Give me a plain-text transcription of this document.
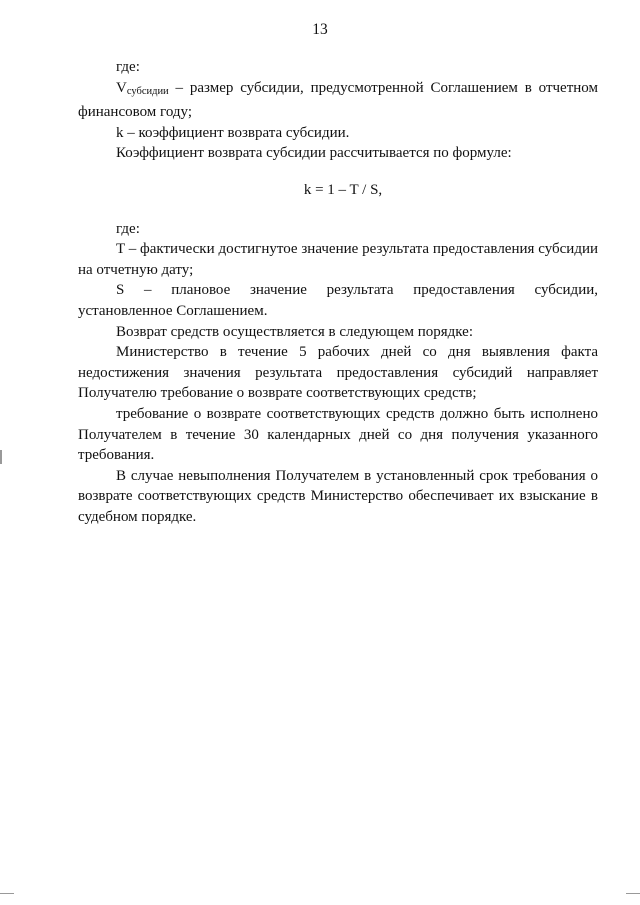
13

где:

Vсубсидии – размер субсидии, предусмотренной Соглашением в отчетном финансовом году;

k – коэффициент возврата субсидии.

Коэффициент возврата субсидии рассчитывается по формуле:

k = 1 – T / S,

где:

T – фактически достигнутое значение результата предоставления субсидии на отчетную дату;

S – плановое значение результата предоставления субсидии, установленное Соглашением.

Возврат средств осуществляется в следующем порядке:

Министерство в течение 5 рабочих дней со дня выявления факта недостижения значения результата предоставления субсидий направляет Получателю требование о возврате соответствующих средств;

требование о возврате соответствующих средств должно быть исполнено Получателем в течение 30 календарных дней со дня получения указанного требования.

В случае невыполнения Получателем в установленный срок требования о возврате соответствующих средств Министерство обеспечивает их взыскание в судебном порядке.
